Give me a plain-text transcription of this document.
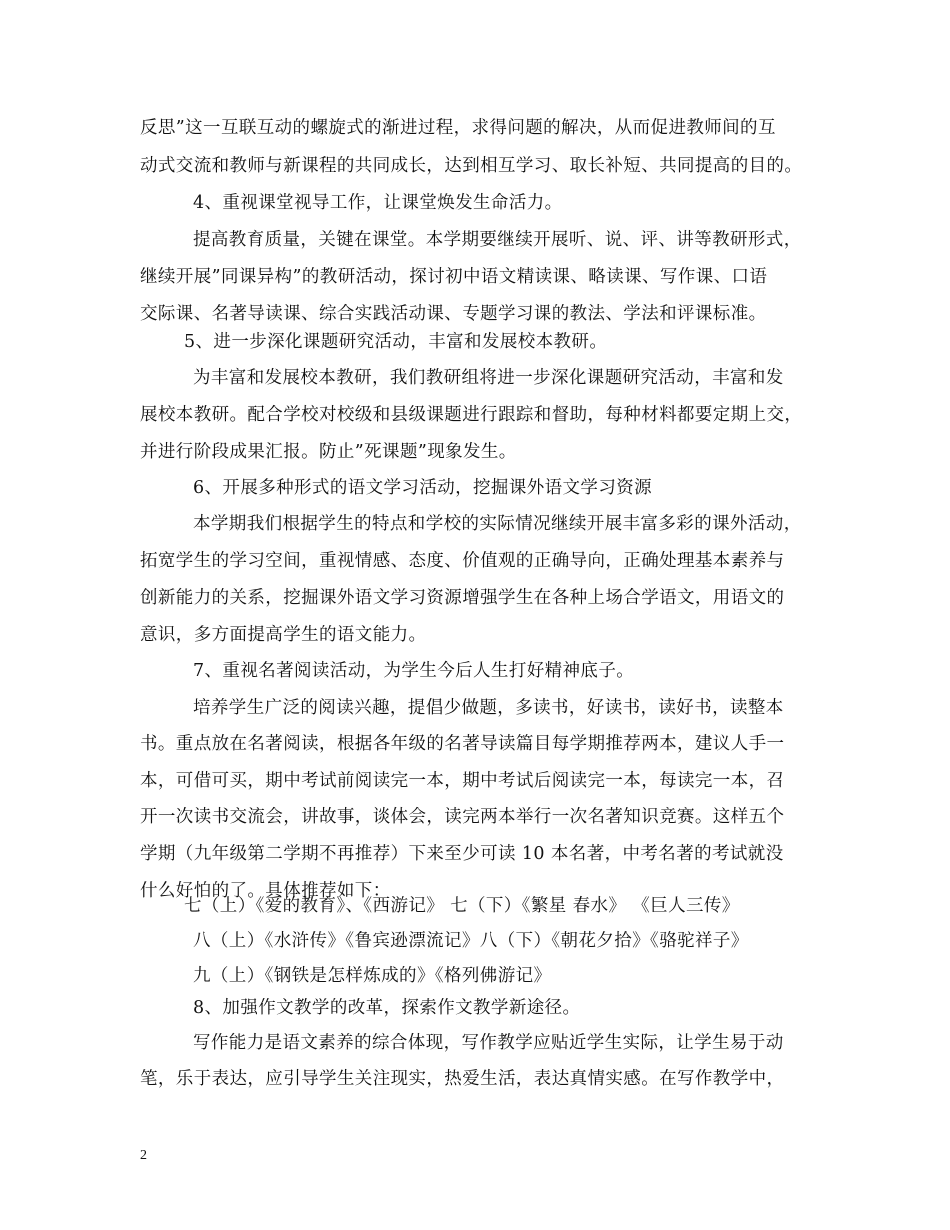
反思”这一互联互动的螺旋式的渐进过程，求得问题的解决，从而促进教师间的互
动式交流和教师与新课程的共同成长，达到相互学习、取长补短、共同提高的目的。
4、重视课堂视导工作，让课堂焕发生命活力。
提高教育质量，关键在课堂。本学期要继续开展听、说、评、讲等教研形式，
继续开展”同课异构”的教研活动，探讨初中语文精读课、略读课、写作课、口语
交际课、名著导读课、综合实践活动课、专题学习课的教法、学法和评课标准。
5、进一步深化课题研究活动，丰富和发展校本教研。
为丰富和发展校本教研，我们教研组将进一步深化课题研究活动，丰富和发
展校本教研。配合学校对校级和县级课题进行跟踪和督助，每种材料都要定期上交，
并进行阶段成果汇报。防止”死课题”现象发生。
6、开展多种形式的语文学习活动，挖掘课外语文学习资源
本学期我们根据学生的特点和学校的实际情况继续开展丰富多彩的课外活动，
拓宽学生的学习空间，重视情感、态度、价值观的正确导向，正确处理基本素养与
创新能力的关系，挖掘课外语文学习资源增强学生在各种上场合学语文，用语文的
意识，多方面提高学生的语文能力。
7、重视名著阅读活动，为学生今后人生打好精神底子。
培养学生广泛的阅读兴趣，提倡少做题，多读书，好读书，读好书，读整本
书。重点放在名著阅读，根据各年级的名著导读篇目每学期推荐两本，建议人手一
本，可借可买，期中考试前阅读完一本，期中考试后阅读完一本，每读完一本，召
开一次读书交流会，讲故事，谈体会，读完两本举行一次名著知识竞赛。这样五个
学期（九年级第二学期不再推荐）下来至少可读 10 本名著，中考名著的考试就没
什么好怕的了。具体推荐如下：
七（上）《爱的教育》、《西游记》 七（下）《繁星 春水》 《巨人三传》
八（上）《水浒传》《鲁宾逊漂流记》八（下）《朝花夕拾》《骆驼祥子》
九（上）《钢铁是怎样炼成的》《格列佛游记》
8、加强作文教学的改革，探索作文教学新途径。
写作能力是语文素养的综合体现，写作教学应贴近学生实际，让学生易于动
笔，乐于表达，应引导学生关注现实，热爱生活，表达真情实感。在写作教学中，
2
